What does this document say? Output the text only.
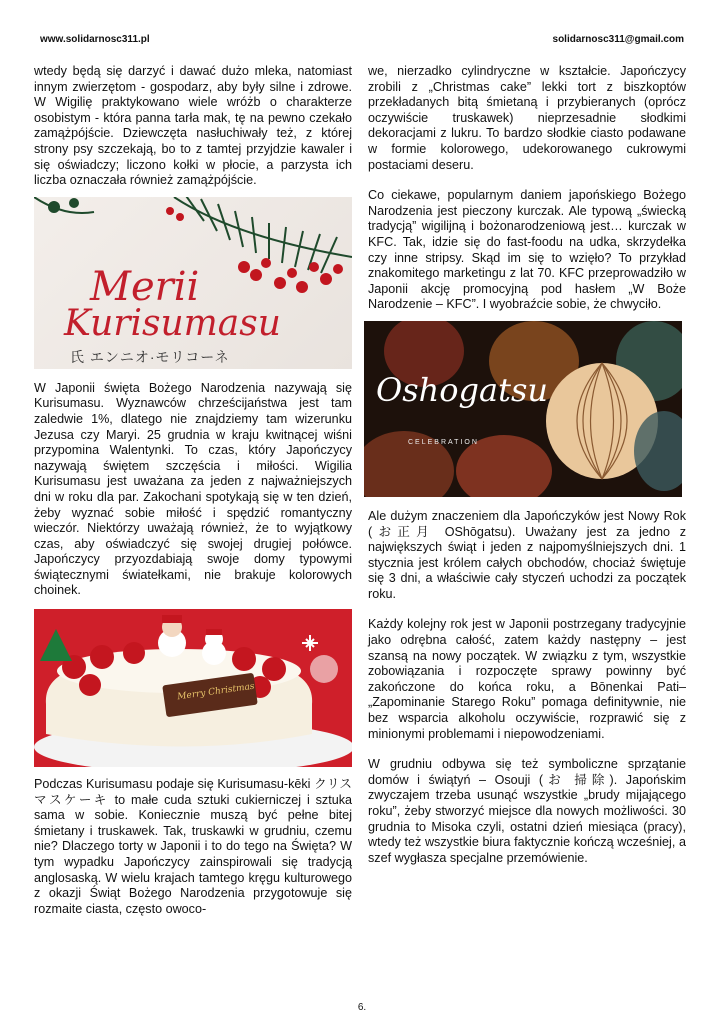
www.solidarnosc311.pl	solidarnosc311@gmail.com

wtedy będą się darzyć i dawać dużo mleka, natomiast innym zwierzętom - gospodarz, aby były silne i zdrowe. W Wigilię praktykowano wiele wróżb o charakterze osobistym - która panna tarła mak, tę na pewno czekało zamążpójście. Dziewczęta nasłuchiwały też, z której strony psy szczekają, bo to z tamtej przyjdzie kawaler i się oświadczy; liczono kołki w płocie, a parzysta ich liczba oznaczała również zamążpójście.

Merii
Kurisumasu
氏 エンニオ·モリコーネ

W Japonii święta Bożego Narodzenia nazywają się Kurisumasu. Wyznawców chrześcijaństwa jest tam zaledwie 1%, dlatego nie znajdziemy tam wizerunku Jezusa czy Maryi. 25 grudnia w kraju kwitnącej wiśni przypomina Walentynki. To czas, który Japończycy nazywają świętem szczęścia i miłości. Wigilia Kurisumasu jest uważana za jeden z najważniejszych dni w roku dla par. Zakochani spotykają się w ten dzień, żeby wyznać sobie miłość i spędzić romantyczny wieczór. Niektórzy uważają również, że to wyjątkowy czas, aby oświadczyć się swojej drugiej połówce. Japończycy przyozdabiają swoje domy typowymi świątecznymi światełkami, nie brakuje kolorowych choinek.

Merry Christmas

Podczas Kurisumasu podaje się Kurisumasu-kēki クリスマスケーキ to małe cuda sztuki cukierniczej i sztuka sama w sobie. Koniecznie muszą być pełne bitej śmietany i truskawek. Tak, truskawki w grudniu, czemu nie? Dlaczego torty w Japonii i to do tego na Święta? W tym wypadku Japończycy zainspirowali się tradycją anglosaską. W wielu krajach tamtego kręgu kulturowego z okazji Świąt Bożego Narodzenia przygotowuje się rozmaite ciasta, często owoco-

we, nierzadko cylindryczne w kształcie. Japończycy zrobili z „Christmas cake” lekki tort z biszkoptów przekładanych bitą śmietaną i przybieranych (oprócz oczywiście truskawek) nieprzesadnie słodkimi dekoracjami z lukru. To bardzo słodkie ciasto podawane w formie kolorowego, udekorowanego cukrowymi postaciami deseru.

Co ciekawe, popularnym daniem japońskiego Bożego Narodzenia jest pieczony kurczak. Ale typową „świecką tradycją” wigilijną i bożonarodzeniową jest… kurczak w KFC. Tak, idzie się do fast-foodu na udka, skrzydełka czy inne stripsy. Skąd im się to wzięło? To przykład znakomitego marketingu z lat 70. KFC przeprowadziło w Japonii akcję promocyjną pod hasłem „W Boże Narodzenie – KFC”. I wyobraźcie sobie, że chwyciło.

Oshogatsu
CELEBRATION

Ale dużym znaczeniem dla Japończyków jest Nowy Rok (お正月 OShōgatsu). Uważany jest za jedno z największych świąt i jeden z najpomyślniejszych dni. 1 stycznia jest królem całych obchodów, chociaż świętuje się 3 dni, a właściwie cały styczeń uchodzi za początek roku.

Każdy kolejny rok jest w Japonii postrzegany tradycyjnie jako odrębna całość, zatem każdy następny – jest szansą na nowy początek. W związku z tym, wszystkie zobowiązania i rozpoczęte sprawy powinny być zakończone do końca roku, a Bōnenkai Pati– „Zapominanie Starego Roku” pomaga definitywnie, nie bez wsparcia alkoholu oczywiście, rozprawić się z minionymi problemami i niepowodzeniami.

W grudniu odbywa się też symboliczne sprzątanie domów i świątyń – Osouji (お 掃除). Japońskim zwyczajem trzeba usunąć wszystkie „brudy mijającego roku”, żeby stworzyć miejsce dla nowych możliwości. 30 grudnia to Misoka czyli, ostatni dzień miesiąca (pracy), wtedy też wszystkie biura faktycznie kończą wcześniej, a szef wygłasza specjalne przemówienie.

6.
